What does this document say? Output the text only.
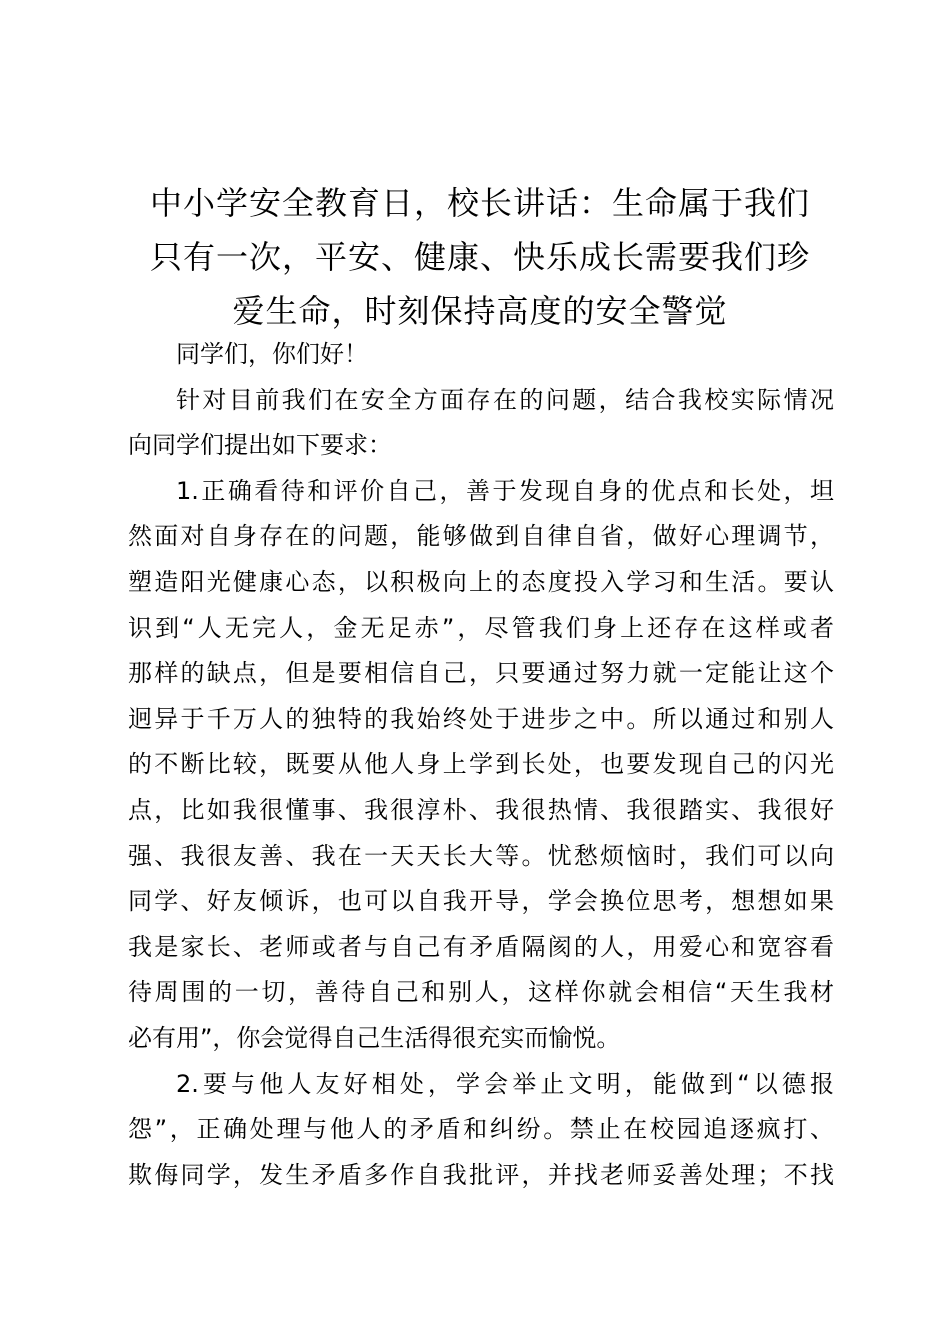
中小学安全教育日，校长讲话：生命属于我们
只有一次，平安、健康、快乐成长需要我们珍
爱生命，时刻保持高度的安全警觉

同学们，你们好！

针对目前我们在安全方面存在的问题，结合我校实际情况
向同学们提出如下要求：

1.正确看待和评价自己，善于发现自身的优点和长处，坦
然面对自身存在的问题，能够做到自律自省，做好心理调节，
塑造阳光健康心态，以积极向上的态度投入学习和生活。要认
识到“人无完人，金无足赤”，尽管我们身上还存在这样或者
那样的缺点，但是要相信自己，只要通过努力就一定能让这个
迥异于千万人的独特的我始终处于进步之中。所以通过和别人
的不断比较，既要从他人身上学到长处，也要发现自己的闪光
点，比如我很懂事、我很淳朴、我很热情、我很踏实、我很好
强、我很友善、我在一天天长大等。忧愁烦恼时，我们可以向
同学、好友倾诉，也可以自我开导，学会换位思考，想想如果
我是家长、老师或者与自己有矛盾隔阂的人，用爱心和宽容看
待周围的一切，善待自己和别人，这样你就会相信“天生我材
必有用”，你会觉得自己生活得很充实而愉悦。

2.要与他人友好相处，学会举止文明，能做到“以德报
怨”，正确处理与他人的矛盾和纠纷。禁止在校园追逐疯打、
欺侮同学，发生矛盾多作自我批评，并找老师妥善处理；不找
